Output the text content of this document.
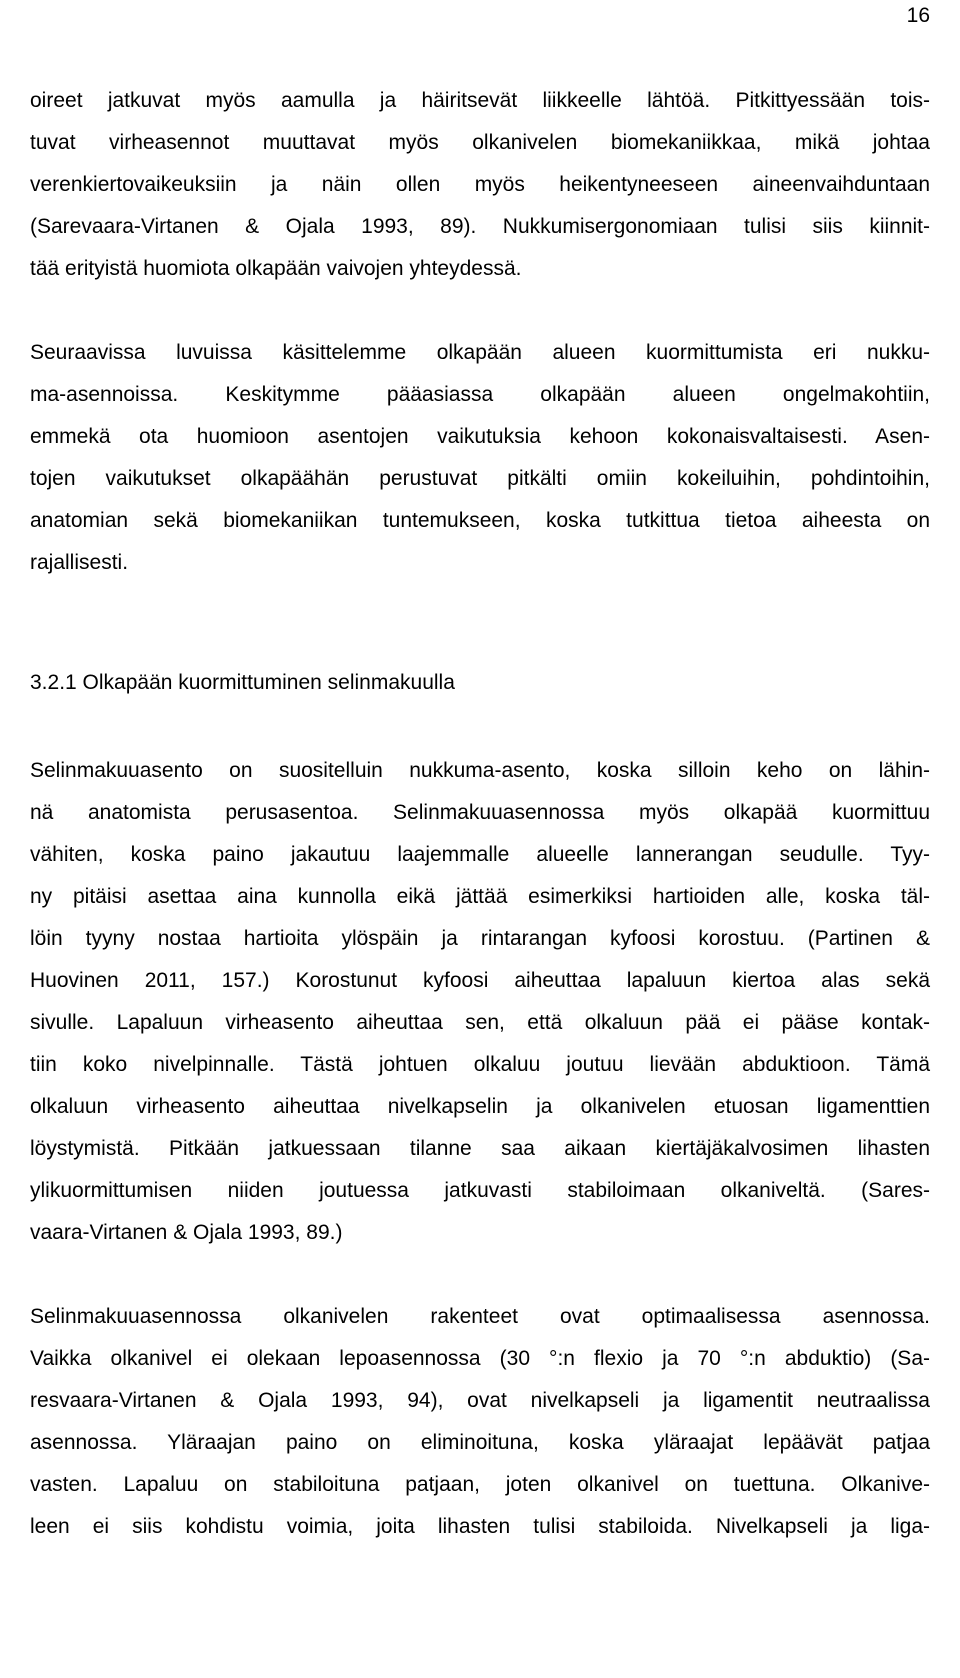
16
oireet jatkuvat myös aamulla ja häiritsevät liikkeelle lähtöä. Pitkittyessään tois-
tuvat virheasennot muuttavat myös olkanivelen biomekaniikkaa, mikä johtaa
verenkiertovaikeuksiin ja näin ollen myös heikentyneeseen aineenvaihduntaan
(Sarevaara-Virtanen & Ojala 1993, 89). Nukkumisergonomiaan tulisi siis kiinnit-
tää erityistä huomiota olkapään vaivojen yhteydessä.
Seuraavissa luvuissa käsittelemme olkapään alueen kuormittumista eri nukku-
ma-asennoissa. Keskitymme pääasiassa olkapään alueen ongelmakohtiin,
emmekä ota huomioon asentojen vaikutuksia kehoon kokonaisvaltaisesti. Asen-
tojen vaikutukset olkapäähän perustuvat pitkälti omiin kokeiluihin, pohdintoihin,
anatomian sekä biomekaniikan tuntemukseen, koska tutkittua tietoa aiheesta on
rajallisesti.
3.2.1 Olkapään kuormittuminen selinmakuulla
Selinmakuuasento on suositelluin nukkuma-asento, koska silloin keho on lähin-
nä anatomista perusasentoa. Selinmakuuasennossa myös olkapää kuormittuu
vähiten, koska paino jakautuu laajemmalle alueelle lannerangan seudulle. Tyy-
ny pitäisi asettaa aina kunnolla eikä jättää esimerkiksi hartioiden alle, koska täl-
löin tyyny nostaa hartioita ylöspäin ja rintarangan kyfoosi korostuu. (Partinen &
Huovinen 2011, 157.) Korostunut kyfoosi aiheuttaa lapaluun kiertoa alas sekä
sivulle. Lapaluun virheasento aiheuttaa sen, että olkaluun pää ei pääse kontak-
tiin koko nivelpinnalle. Tästä johtuen olkaluu joutuu lievään abduktioon. Tämä
olkaluun virheasento aiheuttaa nivelkapselin ja olkanivelen etuosan ligamenttien
löystymistä. Pitkään jatkuessaan tilanne saa aikaan kiertäjäkalvosimen lihasten
ylikuormittumisen niiden joutuessa jatkuvasti stabiloimaan olkaniveltä. (Sares-
vaara-Virtanen & Ojala 1993, 89.)
Selinmakuuasennossa olkanivelen rakenteet ovat optimaalisessa asennossa.
Vaikka olkanivel ei olekaan lepoasennossa (30 °:n flexio ja 70 °:n abduktio) (Sa-
resvaara-Virtanen & Ojala 1993, 94), ovat nivelkapseli ja ligamentit neutraalissa
asennossa. Yläraajan paino on eliminoituna, koska yläraajat lepäävät patjaa
vasten. Lapaluu on stabiloituna patjaan, joten olkanivel on tuettuna. Olkanive-
leen ei siis kohdistu voimia, joita lihasten tulisi stabiloida. Nivelkapseli ja liga-
